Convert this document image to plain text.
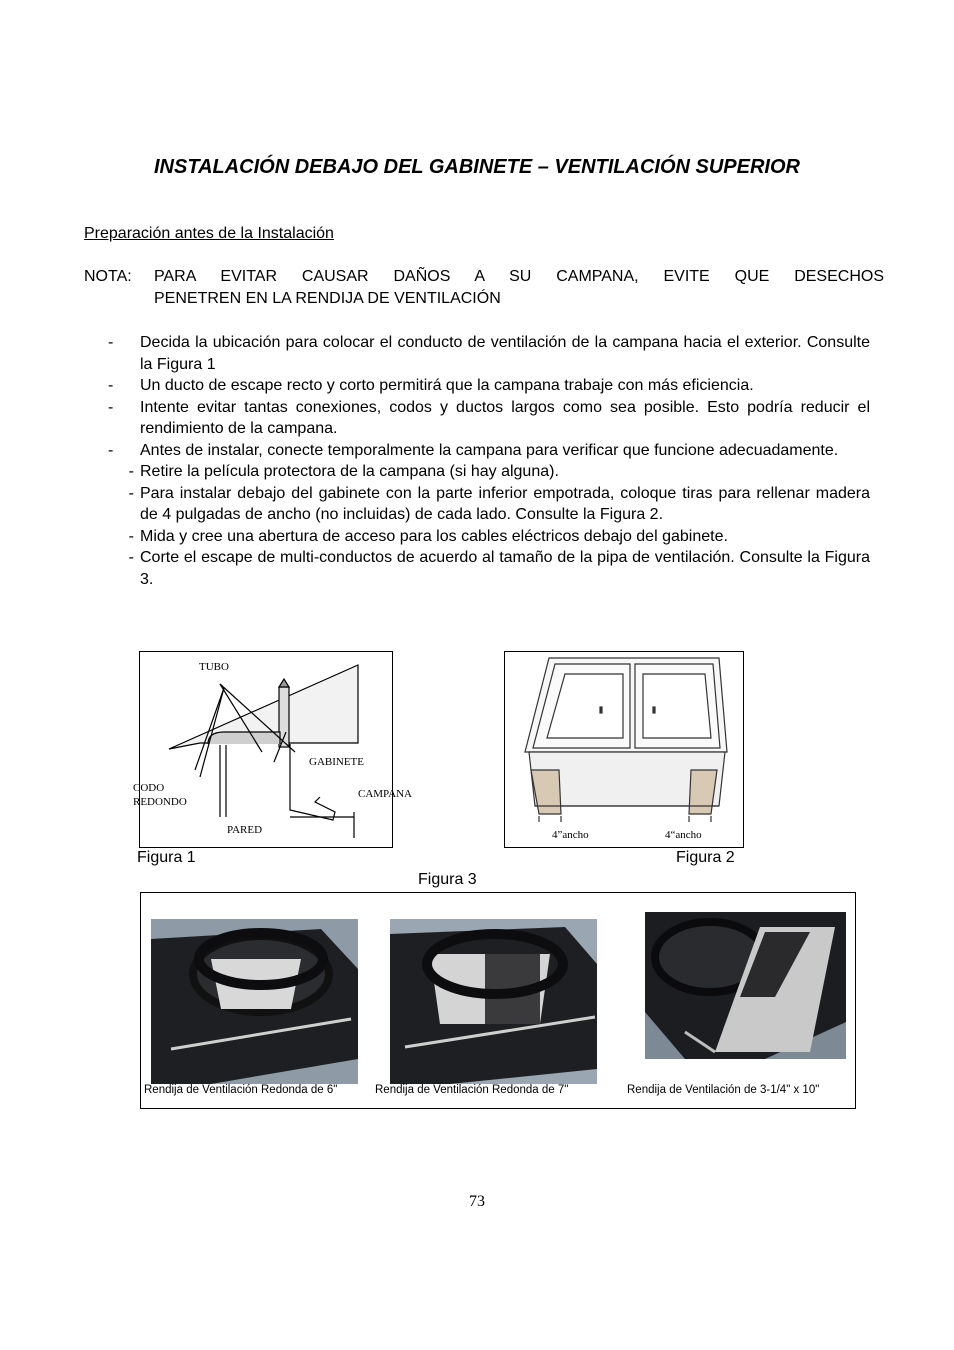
INSTALACIÓN DEBAJO DEL GABINETE – VENTILACIÓN SUPERIOR
Preparación antes de la Instalación
NOTA:	PARA EVITAR CAUSAR DAÑOS A SU CAMPANA, EVITE QUE DESECHOS
PENETREN EN LA RENDIJA DE VENTILACIÓN
-	Decida la ubicación para colocar el conducto de ventilación de la campana hacia el exterior. Consulte la Figura 1
-	Un ducto de escape recto y corto permitirá que la campana trabaje con más eficiencia.
-	Intente evitar tantas conexiones, codos y ductos largos como sea posible. Esto podría reducir el rendimiento de la campana.
-	Antes de instalar, conecte temporalmente la campana para verificar que funcione adecuadamente.
- Retire la película protectora de la campana (si hay alguna).
- Para instalar debajo del gabinete con la parte inferior empotrada, coloque tiras para rellenar madera de 4 pulgadas de ancho (no incluidas) de cada lado. Consulte la Figura 2.
- Mida y cree una abertura de acceso para los cables eléctricos debajo del gabinete.
- Corte el escape de multi-conductos de acuerdo al tamaño de la pipa de ventilación. Consulte la Figura 3.
TUBO
GABINETE
CODO
REDONDO
CAMPANA
PARED
Figura 1
4”ancho	4“ancho
Figura 2
Figura 3
Rendija de Ventilación Redonda de 6"	Rendija de Ventilación Redonda de 7"	Rendija de Ventilación de 3-1/4" x 10"
73
